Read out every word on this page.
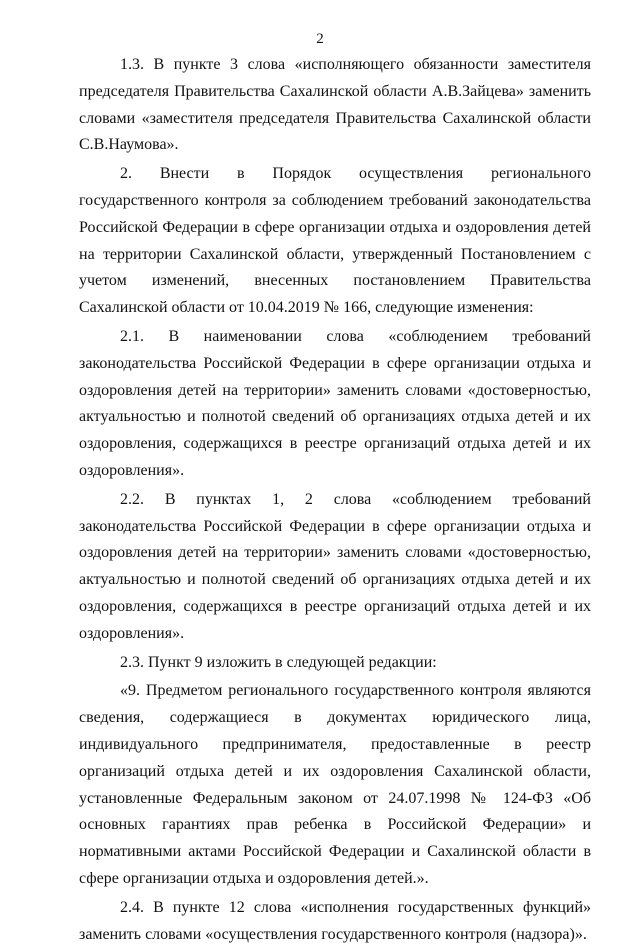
2

1.3. В пункте 3 слова «исполняющего обязанности заместителя председателя Правительства Сахалинской области А.В.Зайцева» заменить словами «заместителя председателя Правительства Сахалинской области С.В.Наумова».

2. Внести в Порядок осуществления регионального государственного контроля за соблюдением требований законодательства Российской Федерации в сфере организации отдыха и оздоровления детей на территории Сахалинской области, утвержденный Постановлением с учетом изменений, внесенных постановлением Правительства Сахалинской области от 10.04.2019 № 166, следующие изменения:

2.1. В наименовании слова «соблюдением требований законодательства Российской Федерации в сфере организации отдыха и оздоровления детей на территории» заменить словами «достоверностью, актуальностью и полнотой сведений об организациях отдыха детей и их оздоровления, содержащихся в реестре организаций отдыха детей и их оздоровления».

2.2. В пунктах 1, 2 слова «соблюдением требований законодательства Российской Федерации в сфере организации отдыха и оздоровления детей на территории» заменить словами «достоверностью, актуальностью и полнотой сведений об организациях отдыха детей и их оздоровления, содержащихся в реестре организаций отдыха детей и их оздоровления».

2.3. Пункт 9 изложить в следующей редакции:

«9. Предметом регионального государственного контроля являются сведения, содержащиеся в документах юридического лица, индивидуального предпринимателя, предоставленные в реестр организаций отдыха детей и их оздоровления Сахалинской области, установленные Федеральным законом от 24.07.1998 № 124-ФЗ «Об основных гарантиях прав ребенка в Российской Федерации» и нормативными актами Российской Федерации и Сахалинской области в сфере организации отдыха и оздоровления детей.».

2.4. В пункте 12 слова «исполнения государственных функций» заменить словами «осуществления государственного контроля (надзора)».
